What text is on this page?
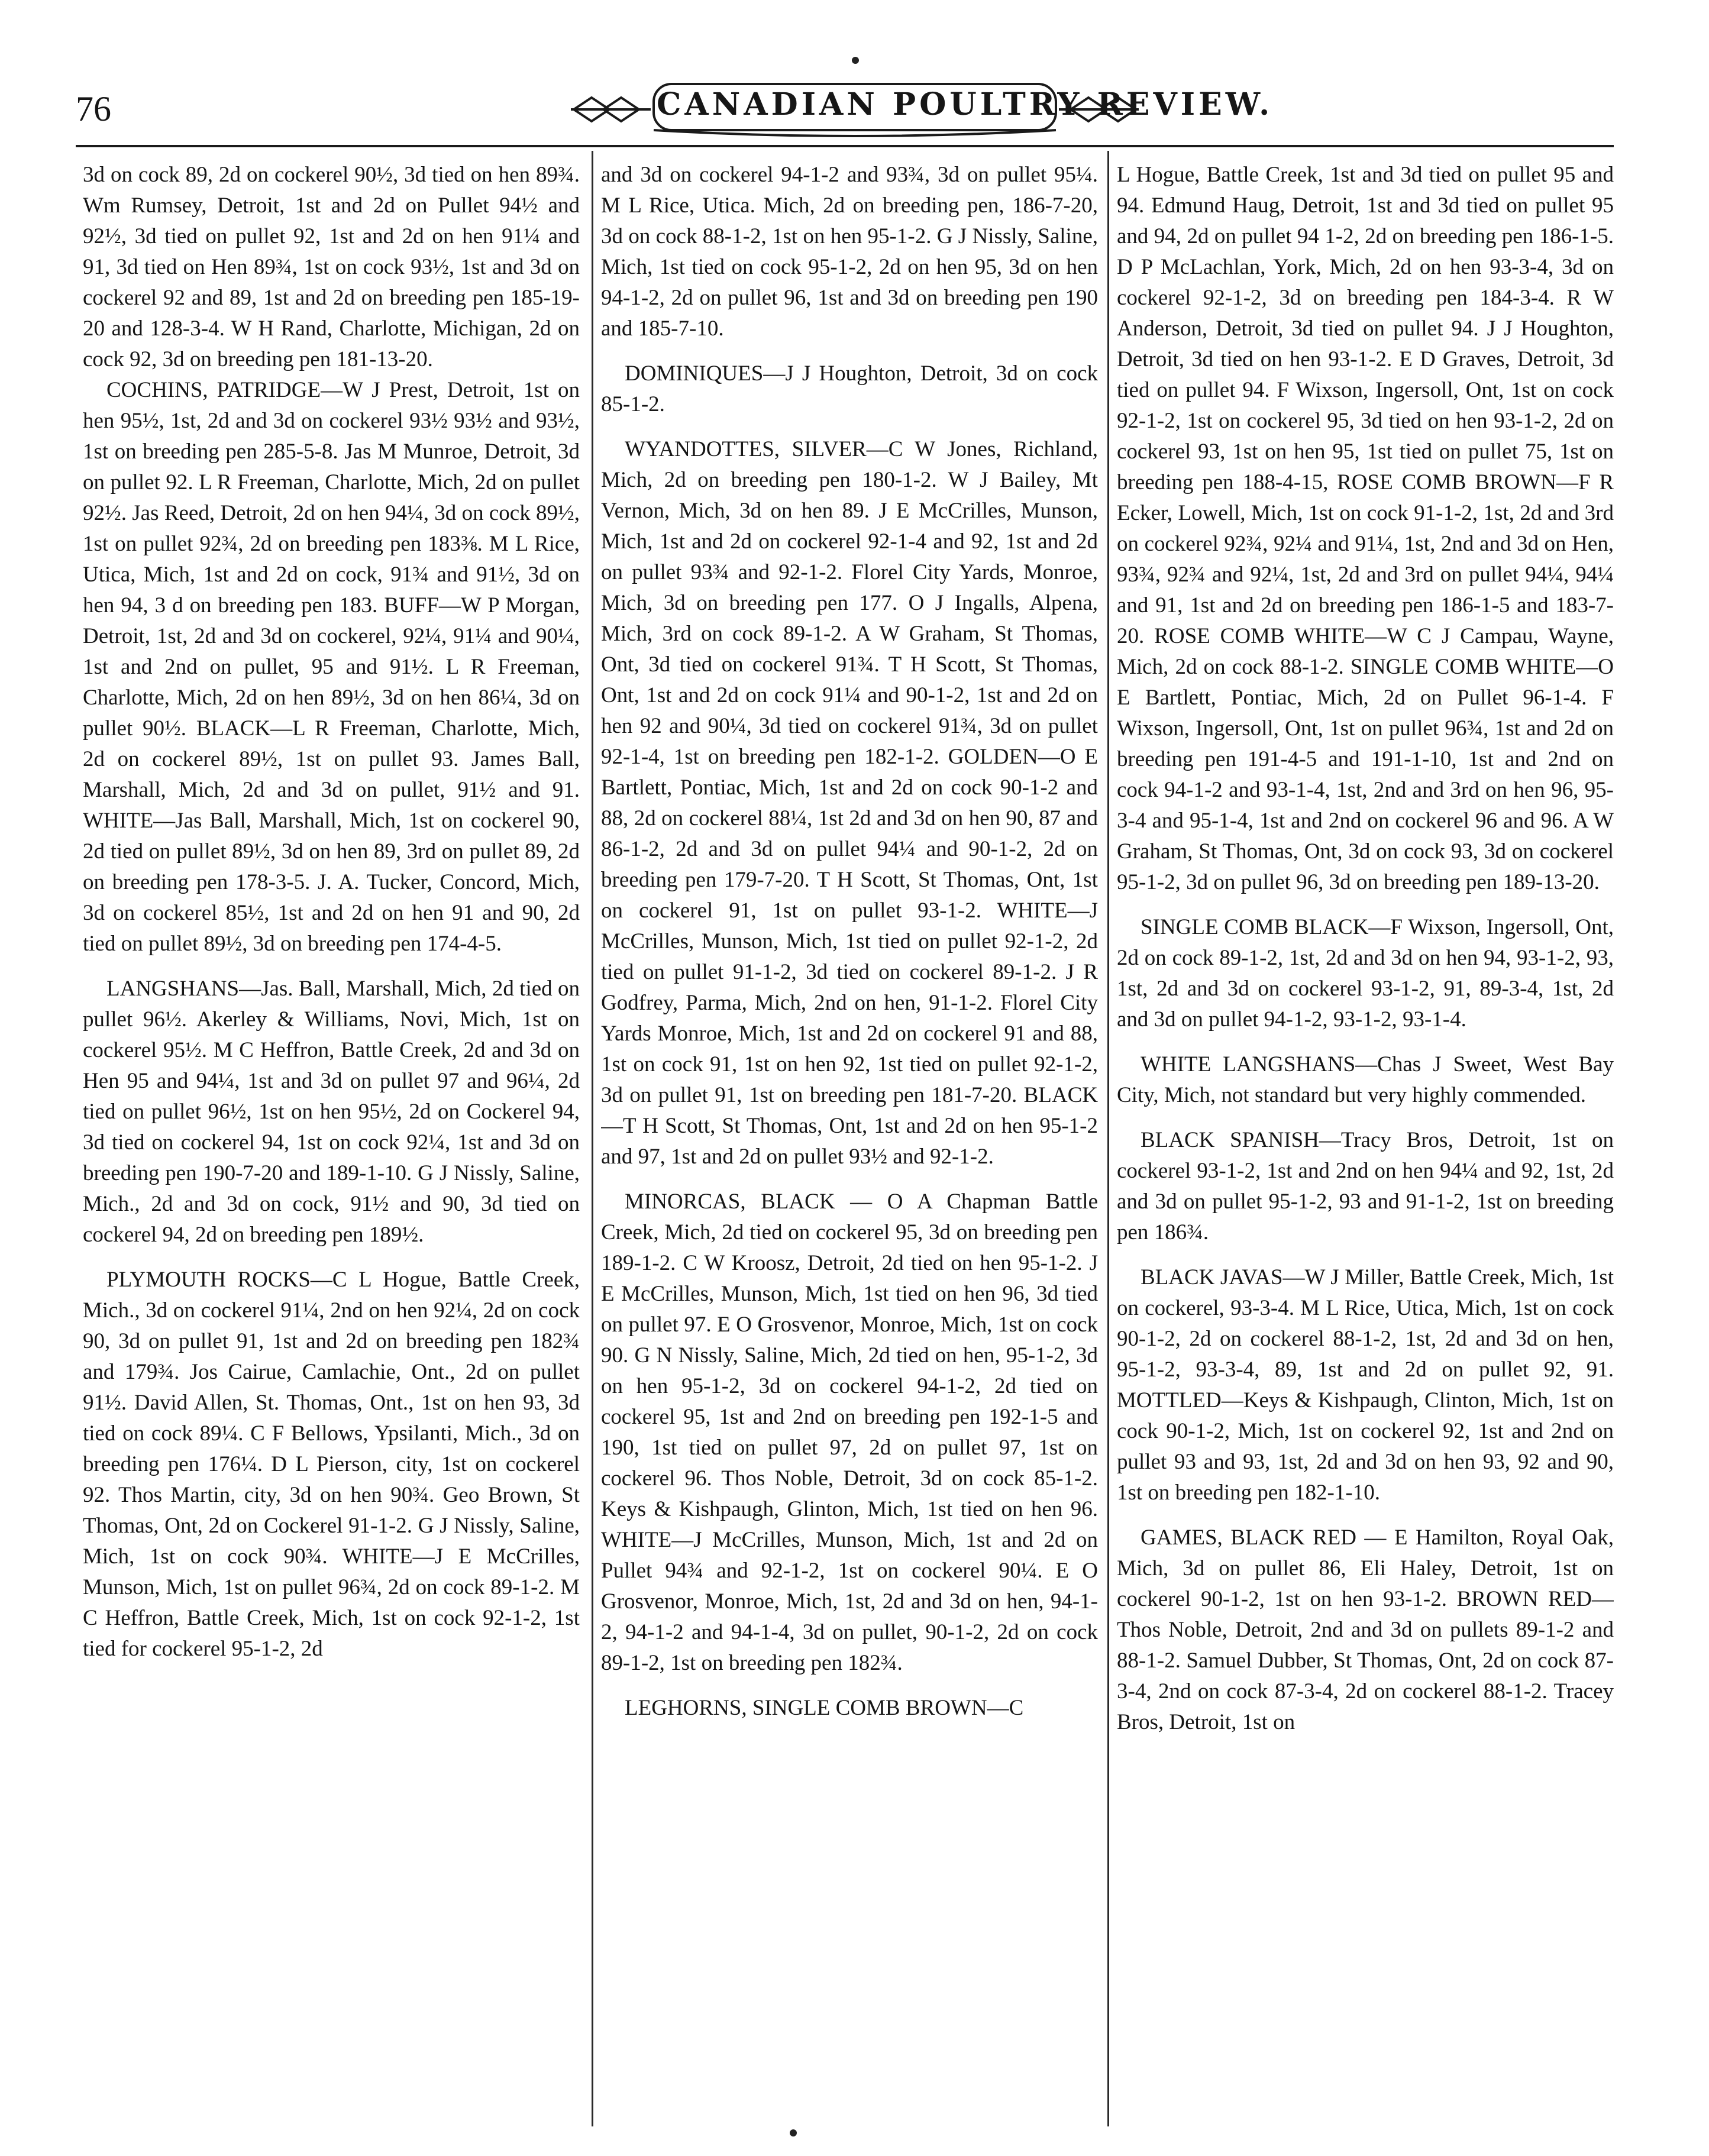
76	CANADIAN POULTRY REVIEW.

3d on cock 89, 2d on cockerel 90½, 3d tied on hen 89¾. Wm Rumsey, Detroit, 1st and 2d on Pullet 94½ and 92½, 3d tied on pullet 92, 1st and 2d on hen 91¼ and 91, 3d tied on Hen 89¾, 1st on cock 93½, 1st and 3d on cockerel 92 and 89, 1st and 2d on breeding pen 185-19-20 and 128-3-4. W H Rand, Charlotte, Michigan, 2d on cock 92, 3d on breeding pen 181-13-20.

COCHINS, PATRIDGE—W J Prest, Detroit, 1st on hen 95½, 1st, 2d and 3d on cockerel 93½ 93½ and 93½, 1st on breeding pen 285-5-8. Jas M Munroe, Detroit, 3d on pullet 92. L R Freeman, Charlotte, Mich, 2d on pullet 92½. Jas Reed, Detroit, 2d on hen 94¼, 3d on cock 89½, 1st on pullet 92¾, 2d on breeding pen 183⅜. M L Rice, Utica, Mich, 1st and 2d on cock, 91¾ and 91½, 3d on hen 94, 3 d on breeding pen 183. BUFF—W P Morgan, Detroit, 1st, 2d and 3d on cockerel, 92¼, 91¼ and 90¼, 1st and 2nd on pullet, 95 and 91½. L R Freeman, Charlotte, Mich, 2d on hen 89½, 3d on hen 86¼, 3d on pullet 90½. BLACK—L R Freeman, Charlotte, Mich, 2d on cockerel 89½, 1st on pullet 93. James Ball, Marshall, Mich, 2d and 3d on pullet, 91½ and 91. WHITE—Jas Ball, Marshall, Mich, 1st on cockerel 90, 2d tied on pullet 89½, 3d on hen 89, 3rd on pullet 89, 2d on breeding pen 178-3-5. J. A. Tucker, Concord, Mich, 3d on cockerel 85½, 1st and 2d on hen 91 and 90, 2d tied on pullet 89½, 3d on breeding pen 174-4-5.

LANGSHANS—Jas. Ball, Marshall, Mich, 2d tied on pullet 96½. Akerley & Williams, Novi, Mich, 1st on cockerel 95½. M C Heffron, Battle Creek, 2d and 3d on Hen 95 and 94¼, 1st and 3d on pullet 97 and 96¼, 2d tied on pullet 96½, 1st on hen 95½, 2d on Cockerel 94, 3d tied on cockerel 94, 1st on cock 92¼, 1st and 3d on breeding pen 190-7-20 and 189-1-10. G J Nissly, Saline, Mich., 2d and 3d on cock, 91½ and 90, 3d tied on cockerel 94, 2d on breeding pen 189½.

PLYMOUTH ROCKS—C L Hogue, Battle Creek, Mich., 3d on cockerel 91¼, 2nd on hen 92¼, 2d on cock 90, 3d on pullet 91, 1st and 2d on breeding pen 182¾ and 179¾. Jos Cairue, Camlachie, Ont., 2d on pullet 91½. David Allen, St. Thomas, Ont., 1st on hen 93, 3d tied on cock 89¼. C F Bellows, Ypsilanti, Mich., 3d on breeding pen 176¼. D L Pierson, city, 1st on cockerel 92. Thos Martin, city, 3d on hen 90¾. Geo Brown, St Thomas, Ont, 2d on Cockerel 91-1-2. G J Nissly, Saline, Mich, 1st on cock 90¾. WHITE—J E McCrilles, Munson, Mich, 1st on pullet 96¾, 2d on cock 89-1-2. M C Heffron, Battle Creek, Mich, 1st on cock 92-1-2, 1st tied for cockerel 95-1-2, 2d

and 3d on cockerel 94-1-2 and 93¾, 3d on pullet 95¼. M L Rice, Utica. Mich, 2d on breeding pen, 186-7-20, 3d on cock 88-1-2, 1st on hen 95-1-2. G J Nissly, Saline, Mich, 1st tied on cock 95-1-2, 2d on hen 95, 3d on hen 94-1-2, 2d on pullet 96, 1st and 3d on breeding pen 190 and 185-7-10.

DOMINIQUES—J J Houghton, Detroit, 3d on cock 85-1-2.

WYANDOTTES, SILVER—C W Jones, Richland, Mich, 2d on breeding pen 180-1-2. W J Bailey, Mt Vernon, Mich, 3d on hen 89. J E McCrilles, Munson, Mich, 1st and 2d on cockerel 92-1-4 and 92, 1st and 2d on pullet 93¾ and 92-1-2. Florel City Yards, Monroe, Mich, 3d on breeding pen 177. O J Ingalls, Alpena, Mich, 3rd on cock 89-1-2. A W Graham, St Thomas, Ont, 3d tied on cockerel 91¾. T H Scott, St Thomas, Ont, 1st and 2d on cock 91¼ and 90-1-2, 1st and 2d on hen 92 and 90¼, 3d tied on cockerel 91¾, 3d on pullet 92-1-4, 1st on breeding pen 182-1-2. GOLDEN—O E Bartlett, Pontiac, Mich, 1st and 2d on cock 90-1-2 and 88, 2d on cockerel 88¼, 1st 2d and 3d on hen 90, 87 and 86-1-2, 2d and 3d on pullet 94¼ and 90-1-2, 2d on breeding pen 179-7-20. T H Scott, St Thomas, Ont, 1st on cockerel 91, 1st on pullet 93-1-2. WHITE—J McCrilles, Munson, Mich, 1st tied on pullet 92-1-2, 2d tied on pullet 91-1-2, 3d tied on cockerel 89-1-2. J R Godfrey, Parma, Mich, 2nd on hen, 91-1-2. Florel City Yards Monroe, Mich, 1st and 2d on cockerel 91 and 88, 1st on cock 91, 1st on hen 92, 1st tied on pullet 92-1-2, 3d on pullet 91, 1st on breeding pen 181-7-20. BLACK—T H Scott, St Thomas, Ont, 1st and 2d on hen 95-1-2 and 97, 1st and 2d on pullet 93½ and 92-1-2.

MINORCAS, BLACK — O A Chapman Battle Creek, Mich, 2d tied on cockerel 95, 3d on breeding pen 189-1-2. C W Kroosz, Detroit, 2d tied on hen 95-1-2. J E McCrilles, Munson, Mich, 1st tied on hen 96, 3d tied on pullet 97. E O Grosvenor, Monroe, Mich, 1st on cock 90. G N Nissly, Saline, Mich, 2d tied on hen, 95-1-2, 3d on hen 95-1-2, 3d on cockerel 94-1-2, 2d tied on cockerel 95, 1st and 2nd on breeding pen 192-1-5 and 190, 1st tied on pullet 97, 2d on pullet 97, 1st on cockerel 96. Thos Noble, Detroit, 3d on cock 85-1-2. Keys & Kishpaugh, Glinton, Mich, 1st tied on hen 96. WHITE—J McCrilles, Munson, Mich, 1st and 2d on Pullet 94¾ and 92-1-2, 1st on cockerel 90¼. E O Grosvenor, Monroe, Mich, 1st, 2d and 3d on hen, 94-1-2, 94-1-2 and 94-1-4, 3d on pullet, 90-1-2, 2d on cock 89-1-2, 1st on breeding pen 182¾.

LEGHORNS, SINGLE COMB BROWN—C

L Hogue, Battle Creek, 1st and 3d tied on pullet 95 and 94. Edmund Haug, Detroit, 1st and 3d tied on pullet 95 and 94, 2d on pullet 94 1-2, 2d on breeding pen 186-1-5. D P McLachlan, York, Mich, 2d on hen 93-3-4, 3d on cockerel 92-1-2, 3d on breeding pen 184-3-4. R W Anderson, Detroit, 3d tied on pullet 94. J J Houghton, Detroit, 3d tied on hen 93-1-2. E D Graves, Detroit, 3d tied on pullet 94. F Wixson, Ingersoll, Ont, 1st on cock 92-1-2, 1st on cockerel 95, 3d tied on hen 93-1-2, 2d on cockerel 93, 1st on hen 95, 1st tied on pullet 75, 1st on breeding pen 188-4-15, ROSE COMB BROWN—F R Ecker, Lowell, Mich, 1st on cock 91-1-2, 1st, 2d and 3rd on cockerel 92¾, 92¼ and 91¼, 1st, 2nd and 3d on Hen, 93¾, 92¾ and 92¼, 1st, 2d and 3rd on pullet 94¼, 94¼ and 91, 1st and 2d on breeding pen 186-1-5 and 183-7-20. ROSE COMB WHITE—W C J Campau, Wayne, Mich, 2d on cock 88-1-2. SINGLE COMB WHITE—O E Bartlett, Pontiac, Mich, 2d on Pullet 96-1-4. F Wixson, Ingersoll, Ont, 1st on pullet 96¾, 1st and 2d on breeding pen 191-4-5 and 191-1-10, 1st and 2nd on cock 94-1-2 and 93-1-4, 1st, 2nd and 3rd on hen 96, 95-3-4 and 95-1-4, 1st and 2nd on cockerel 96 and 96. A W Graham, St Thomas, Ont, 3d on cock 93, 3d on cockerel 95-1-2, 3d on pullet 96, 3d on breeding pen 189-13-20.

SINGLE COMB BLACK—F Wixson, Ingersoll, Ont, 2d on cock 89-1-2, 1st, 2d and 3d on hen 94, 93-1-2, 93, 1st, 2d and 3d on cockerel 93-1-2, 91, 89-3-4, 1st, 2d and 3d on pullet 94-1-2, 93-1-2, 93-1-4.

WHITE LANGSHANS—Chas J Sweet, West Bay City, Mich, not standard but very highly commended.

BLACK SPANISH—Tracy Bros, Detroit, 1st on cockerel 93-1-2, 1st and 2nd on hen 94¼ and 92, 1st, 2d and 3d on pullet 95-1-2, 93 and 91-1-2, 1st on breeding pen 186¾.

BLACK JAVAS—W J Miller, Battle Creek, Mich, 1st on cockerel, 93-3-4. M L Rice, Utica, Mich, 1st on cock 90-1-2, 2d on cockerel 88-1-2, 1st, 2d and 3d on hen, 95-1-2, 93-3-4, 89, 1st and 2d on pullet 92, 91. MOTTLED—Keys & Kishpaugh, Clinton, Mich, 1st on cock 90-1-2, Mich, 1st on cockerel 92, 1st and 2nd on pullet 93 and 93, 1st, 2d and 3d on hen 93, 92 and 90, 1st on breeding pen 182-1-10.

GAMES, BLACK RED — E Hamilton, Royal Oak, Mich, 3d on pullet 86, Eli Haley, Detroit, 1st on cockerel 90-1-2, 1st on hen 93-1-2. BROWN RED—Thos Noble, Detroit, 2nd and 3d on pullets 89-1-2 and 88-1-2. Samuel Dubber, St Thomas, Ont, 2d on cock 87-3-4, 2nd on cock 87-3-4, 2d on cockerel 88-1-2. Tracey Bros, Detroit, 1st on
